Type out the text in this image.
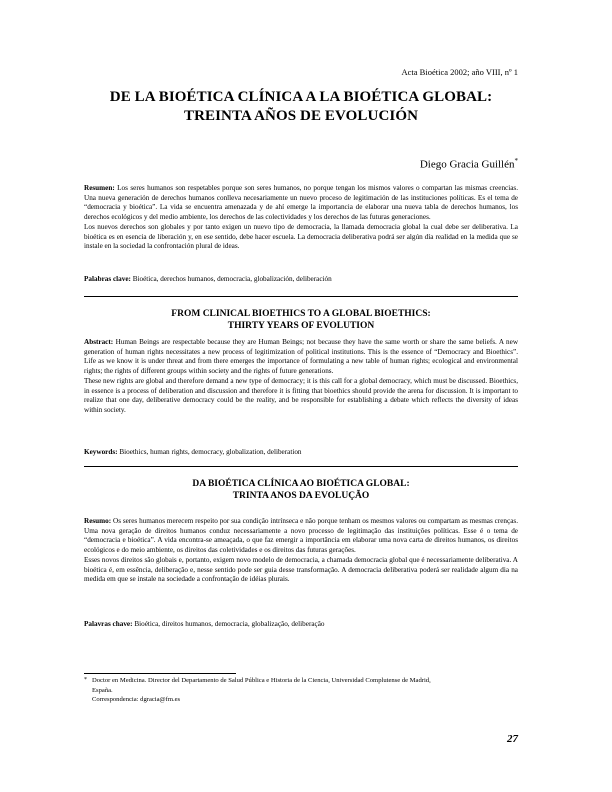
Acta Bioética 2002; año VIII, nº 1
DE LA BIOÉTICA CLÍNICA A LA BIOÉTICA GLOBAL:
TREINTA AÑOS DE EVOLUCIÓN
Diego Gracia Guillén*

Resumen: Los seres humanos son respetables porque son seres humanos, no porque tengan los mismos valores o compartan las mismas creencias. Una nueva generación de derechos humanos conlleva necesariamente un nuevo proceso de legitimación de las instituciones políticas. Es el tema de “democracia y bioética”. La vida se encuentra amenazada y de ahí emerge la importancia de elaborar una nueva tabla de derechos humanos, los derechos ecológicos y del medio ambiente, los derechos de las colectividades y los derechos de las futuras generaciones.

Los nuevos derechos son globales y por tanto exigen un nuevo tipo de democracia, la llamada democracia global la cual debe ser deliberativa. La bioética es en esencia de liberación y, en ese sentido, debe hacer escuela. La democracia deliberativa podrá ser algún día realidad en la medida que se instale en la sociedad la confrontación plural de ideas.

Palabras clave: Bioética, derechos humanos, democracia, globalización, deliberación
FROM CLINICAL BIOETHICS TO A GLOBAL BIOETHICS:
THIRTY YEARS OF EVOLUTION

Abstract: Human Beings are respectable because they are Human Beings; not because they have the same worth or share the same beliefs. A new generation of human rights necessitates a new process of legitimization of political institutions. This is the essence of “Democracy and Bioethics”. Life as we know it is under threat and from there emerges the importance of formulating a new table of human rights; ecological and environmental rights; the rights of different groups within society and the rights of future generations.

These new rights are global and therefore demand a new type of democracy; it is this call for a global democracy, which must be discussed. Bioethics, in essence is a process of deliberation and discussion and therefore it is fitting that bioethics should provide the arena for discussion. It is important to realize that one day, deliberative democracy could be the reality, and be responsible for establishing a debate which reflects the diversity of ideas within society.

Keywords: Bioethics, human rights, democracy, globalization, deliberation
DA BIOÉTICA CLÍNICA AO BIOÉTICA GLOBAL:
TRINTA ANOS DA EVOLUÇÃO

Resumo: Os seres humanos merecem respeito por sua condição intrínseca e não porque tenham os mesmos valores ou compartam as mesmas crenças. Uma nova geração de direitos humanos conduz necessariamente a novo processo de legitimação das instituições políticas. Esse é o tema de “democracia e bioética”. A vida encontra-se ameaçada, o que faz emergir a importância em elaborar uma nova carta de direitos humanos, os direitos ecológicos e do meio ambiente, os direitos das coletividades e os direitos das futuras gerações.

Esses novos direitos são globais e, portanto, exigem novo modelo de democracia, a chamada democracia global que é necessariamente deliberativa. A bioética é, em essência, deliberação e, nesse sentido pode ser guia desse transformação. A democracia deliberativa poderá ser realidade algum dia na medida em que se instale na sociedade a confrontação de idéias plurais.

Palavras chave: Bioética, direitos humanos, democracia, globalização, deliberação
* Doctor en Medicina. Director del Departamento de Salud Pública e Historia de la Ciencia, Universidad Complutense de Madrid,
España.
Correspondencia: dgracia@fm.es
27
